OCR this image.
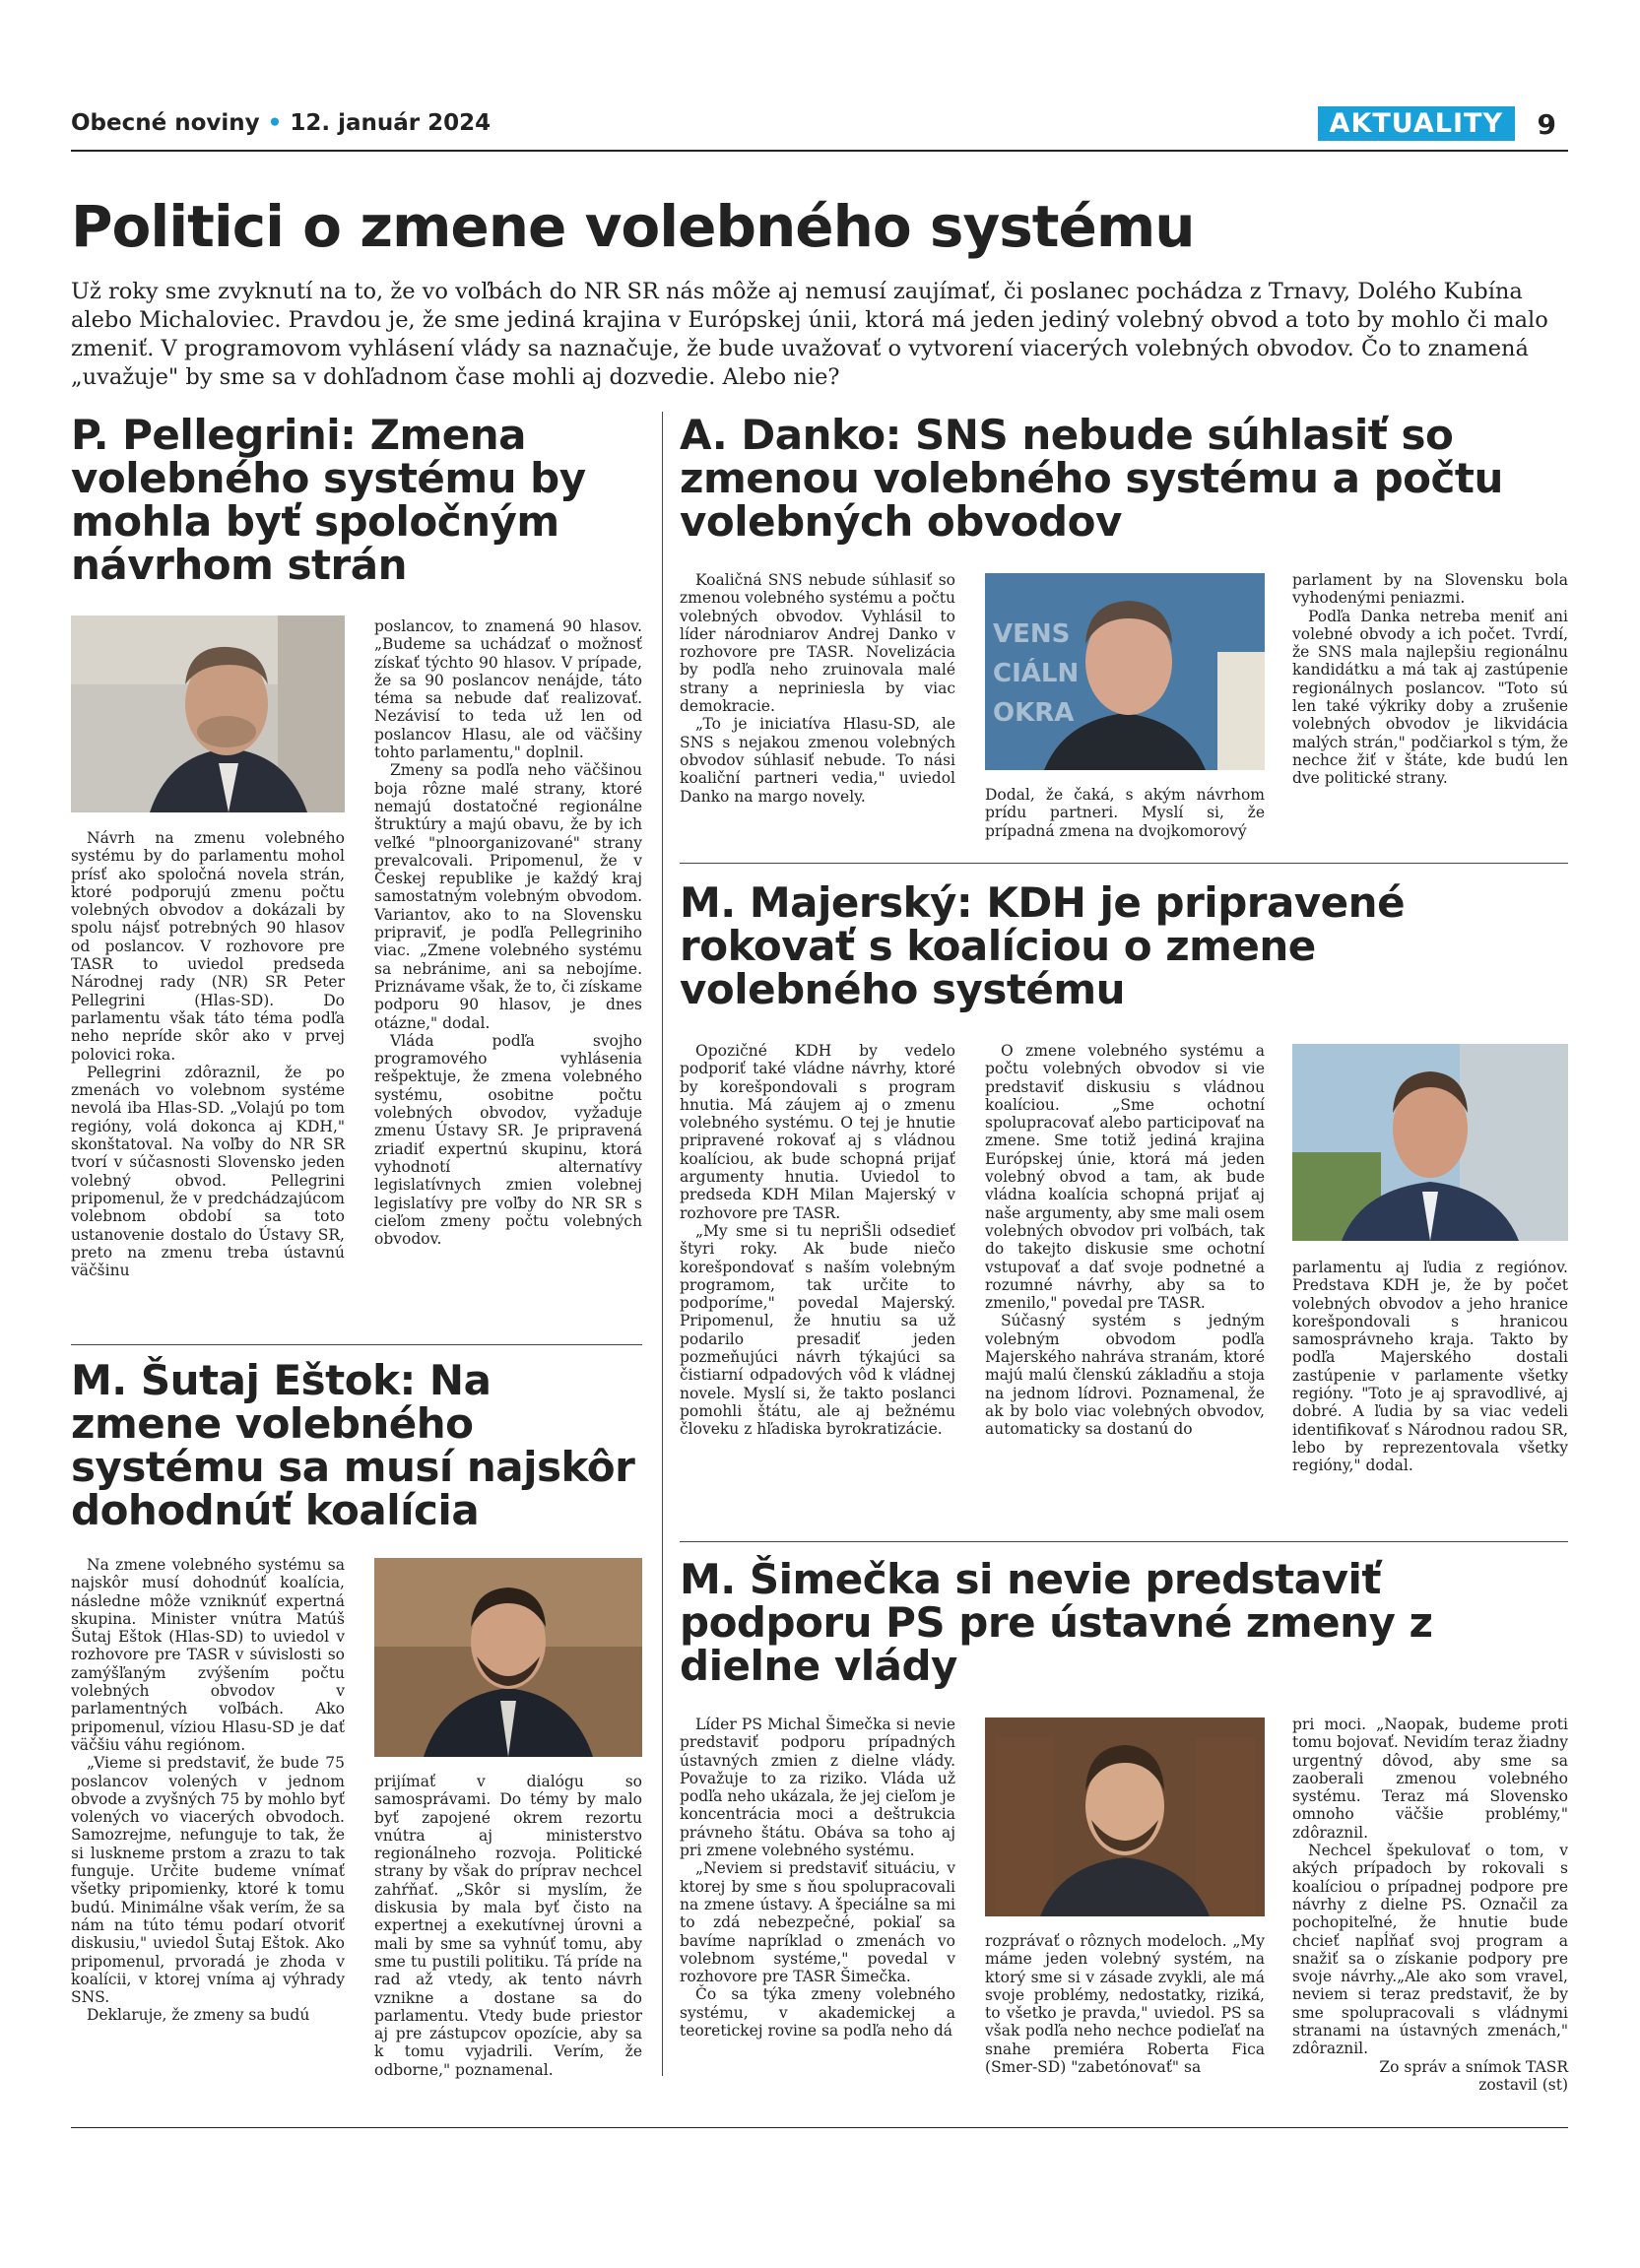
Obecné noviny • 12. január 2024	AKTUALITY	9
Politici o zmene volebného systému
Už roky sme zvyknutí na to, že vo voľbách do NR SR nás môže aj nemusí zaujímať, či poslanec pochádza z Trnavy, Dolého Kubína alebo Michaloviec. Pravdou je, že sme jediná krajina v Európskej únii, ktorá má jeden jediný volebný obvod a toto by mohlo či malo zmeniť. V programovom vyhlásení vlády sa naznačuje, že bude uvažovať o vytvorení viacerých volebných obvodov. Čo to znamená „uvažuje" by sme sa v dohľadnom čase mohli aj dozvedie. Alebo nie?
P. Pellegrini: Zmena volebného systému by mohla byť spoločným návrhom strán

Návrh na zmenu volebného systému by do parlamentu mohol prísť ako spoločná novela strán, ktoré podporujú zmenu počtu volebných obvodov a dokázali by spolu nájsť potrebných 90 hlasov od poslancov. V rozhovore pre TASR to uviedol predseda Národnej rady (NR) SR Peter Pellegrini (Hlas-SD). Do parlamentu však táto téma podľa neho nepríde skôr ako v prvej polovici roka.

Pellegrini zdôraznil, že po zmenách vo volebnom systéme nevolá iba Hlas-SD. „Volajú po tom regióny, volá dokonca aj KDH," skonštatoval. Na voľby do NR SR tvorí v súčasnosti Slovensko jeden volebný obvod. Pellegrini pripomenul, že v predchádzajúcom volebnom období sa toto ustanovenie dostalo do Ústavy SR, preto na zmenu treba ústavnú väčšinu

poslancov, to znamená 90 hlasov. „Budeme sa uchádzať o možnosť získať týchto 90 hlasov. V prípade, že sa 90 poslancov nenájde, táto téma sa nebude dať realizovať. Nezávisí to teda už len od poslancov Hlasu, ale od väčšiny tohto parlamentu," doplnil.

Zmeny sa podľa neho väčšinou boja rôzne malé strany, ktoré nemajú dostatočné regionálne štruktúry a majú obavu, že by ich veľké "plnoorganizované" strany prevalcovali. Pripomenul, že v Českej republike je každý kraj samostatným volebným obvodom. Variantov, ako to na Slovensku pripraviť, je podľa Pellegriniho viac. „Zmene volebného systému sa nebránime, ani sa nebojíme. Priznávame však, že to, či získame podporu 90 hlasov, je dnes otázne," dodal.

Vláda podľa svojho programového vyhlásenia rešpektuje, že zmena volebného systému, osobitne počtu volebných obvodov, vyžaduje zmenu Ústavy SR. Je pripravená zriadiť expertnú skupinu, ktorá vyhodnotí alternatívy legislatívnych zmien volebnej legislatívy pre voľby do NR SR s cieľom zmeny počtu volebných obvodov.

M. Šutaj Eštok: Na zmene volebného systému sa musí najskôr dohodnúť koalícia

Na zmene volebného systému sa najskôr musí dohodnúť koalícia, následne môže vzniknúť expertná skupina. Minister vnútra Matúš Šutaj Eštok (Hlas-SD) to uviedol v rozhovore pre TASR v súvislosti so zamýšľaným zvýšením počtu volebných obvodov v parlamentných voľbách. Ako pripomenul, víziou Hlasu-SD je dať väčšiu váhu regiónom.

„Vieme si predstaviť, že bude 75 poslancov volených v jednom obvode a zvyšných 75 by mohlo byť volených vo viacerých obvodoch. Samozrejme, nefunguje to tak, že si luskneme prstom a zrazu to tak funguje. Určite budeme vnímať všetky pripomienky, ktoré k tomu budú. Minimálne však verím, že sa nám na túto tému podarí otvoriť diskusiu," uviedol Šutaj Eštok. Ako pripomenul, prvoradá je zhoda v koalícii, v ktorej vníma aj výhrady SNS.

Deklaruje, že zmeny sa budú

prijímať v dialógu so samosprávami. Do témy by malo byť zapojené okrem rezortu vnútra aj ministerstvo regionálneho rozvoja. Politické strany by však do príprav nechcel zahŕňať. „Skôr si myslím, že diskusia by mala byť čisto na expertnej a exekutívnej úrovni a mali by sme sa vyhnúť tomu, aby sme tu pustili politiku. Tá príde na rad až vtedy, ak tento návrh vznikne a dostane sa do parlamentu. Vtedy bude priestor aj pre zástupcov opozície, aby sa k tomu vyjadrili. Verím, že odborne," poznamenal.

A. Danko: SNS nebude súhlasiť so zmenou volebného systému a počtu volebných obvodov

Koaličná SNS nebude súhlasiť so zmenou volebného systému a počtu volebných obvodov. Vyhlásil to líder národniarov Andrej Danko v rozhovore pre TASR. Novelizácia by podľa neho zruinovala malé strany a nepriniesla by viac demokracie.

„To je iniciatíva Hlasu-SD, ale SNS s nejakou zmenou volebných obvodov súhlasiť nebude. To nási koaliční partneri vedia," uviedol Danko na margo novely.

VENS
CIÁLN
OKRA

Dodal, že čaká, s akým návrhom prídu partneri. Myslí si, že prípadná zmena na dvojkomorový

parlament by na Slovensku bola vyhodenými peniazmi.

Podľa Danka netreba meniť ani volebné obvody a ich počet. Tvrdí, že SNS mala najlepšiu regionálnu kandidátku a má tak aj zastúpenie regionálnych poslancov. "Toto sú len také výkriky doby a zrušenie volebných obvodov je likvidácia malých strán," podčiarkol s tým, že nechce žiť v štáte, kde budú len dve politické strany.

M. Majerský: KDH je pripravené rokovať s koalíciou o zmene volebného systému

Opozičné KDH by vedelo podporiť také vládne návrhy, ktoré by korešpondovali s program hnutia. Má záujem aj o zmenu volebného systému. O tej je hnutie pripravené rokovať aj s vládnou koalíciou, ak bude schopná prijať argumenty hnutia. Uviedol to predseda KDH Milan Majerský v rozhovore pre TASR.

„My sme si tu nepriŠli odsedieť štyri roky. Ak bude niečo korešpondovať s naším volebným programom, tak určite to podporíme," povedal Majerský. Pripomenul, že hnutiu sa už podarilo presadiť jeden pozmeňujúci návrh týkajúci sa čistiarní odpadových vôd k vládnej novele. Myslí si, že takto poslanci pomohli štátu, ale aj bežnému človeku z hľadiska byrokratizácie.

O zmene volebného systému a počtu volebných obvodov si vie predstaviť diskusiu s vládnou koalíciou. „Sme ochotní spolupracovať alebo participovať na zmene. Sme totiž jediná krajina Európskej únie, ktorá má jeden volebný obvod a tam, ak bude vládna koalícia schopná prijať aj naše argumenty, aby sme mali osem volebných obvodov pri voľbách, tak do takejto diskusie sme ochotní vstupovať a dať svoje podnetné a rozumné návrhy, aby sa to zmenilo," povedal pre TASR.

Súčasný systém s jedným volebným obvodom podľa Majerského nahráva stranám, ktoré majú malú členskú základňu a stoja na jednom lídrovi. Poznamenal, že ak by bolo viac volebných obvodov, automaticky sa dostanú do

parlamentu aj ľudia z regiónov. Predstava KDH je, že by počet volebných obvodov a jeho hranice korešpondovali s hranicou samosprávneho kraja. Takto by podľa Majerského dostali zastúpenie v parlamente všetky regióny. "Toto je aj spravodlivé, aj dobré. A ľudia by sa viac vedeli identifikovať s Národnou radou SR, lebo by reprezentovala všetky regióny," dodal.

M. Šimečka si nevie predstaviť podporu PS pre ústavné zmeny z dielne vlády

Líder PS Michal Šimečka si nevie predstaviť podporu prípadných ústavných zmien z dielne vlády. Považuje to za riziko. Vláda už podľa neho ukázala, že jej cieľom je koncentrácia moci a deštrukcia právneho štátu. Obáva sa toho aj pri zmene volebného systému.

„Neviem si predstaviť situáciu, v ktorej by sme s ňou spolupracovali na zmene ústavy. A špeciálne sa mi to zdá nebezpečné, pokiaľ sa bavíme napríklad o zmenách vo volebnom systéme," povedal v rozhovore pre TASR Šimečka.

Čo sa týka zmeny volebného systému, v akademickej a teoretickej rovine sa podľa neho dá

rozprávať o rôznych modeloch. „My máme jeden volebný systém, na ktorý sme si v zásade zvykli, ale má svoje problémy, nedostatky, riziká, to všetko je pravda," uviedol. PS sa však podľa neho nechce podieľať na snahe premiéra Roberta Fica (Smer-SD) "zabetónovať" sa

pri moci. „Naopak, budeme proti tomu bojovať. Nevidím teraz žiadny urgentný dôvod, aby sme sa zaoberali zmenou volebného systému. Teraz má Slovensko omnoho väčšie problémy," zdôraznil.

Nechcel špekulovať o tom, v akých prípadoch by rokovali s koalíciou o prípadnej podpore pre návrhy z dielne PS. Označil za pochopiteľné, že hnutie bude chcieť napĺňať svoj program a snažiť sa o získanie podpory pre svoje návrhy.„Ale ako som vravel, neviem si teraz predstaviť, že by sme spolupracovali s vládnymi stranami na ústavných zmenách," zdôraznil.

Zo správ a snímok TASR

zostavil (st)
